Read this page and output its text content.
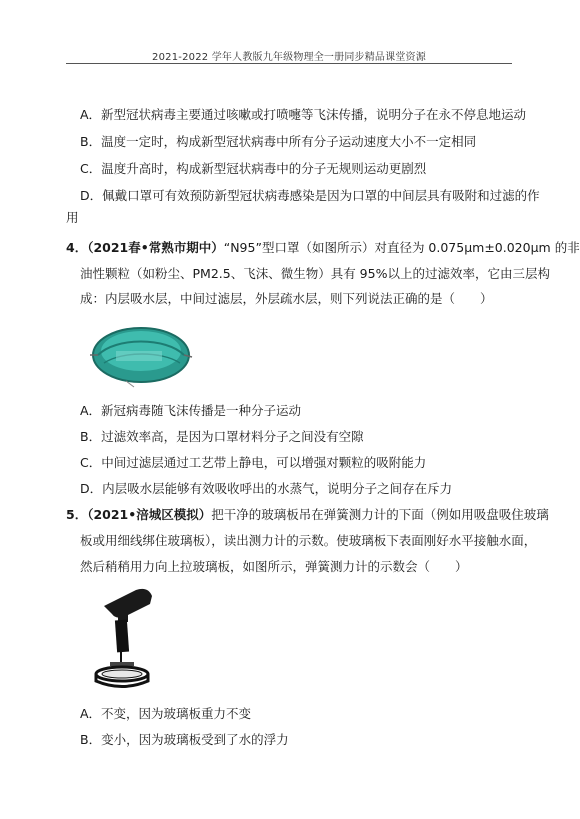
2021-2022 学年人教版九年级物理全一册同步精品课堂资源
A．新型冠状病毒主要通过咳嗽或打喷嚏等飞沫传播，说明分子在永不停息地运动
B．温度一定时，构成新型冠状病毒中所有分子运动速度大小不一定相同
C．温度升高时，构成新型冠状病毒中的分子无规则运动更剧烈
D．佩戴口罩可有效预防新型冠状病毒感染是因为口罩的中间层具有吸附和过滤的作
用
4．（2021春•常熟市期中）“N95”型口罩（如图所示）对直径为 0.075μm±0.020μm 的非
油性颗粒（如粉尘、PM2.5、飞沫、微生物）具有 95%以上的过滤效率，它由三层构
成：内层吸水层，中间过滤层，外层疏水层，则下列说法正确的是（　　）
A．新冠病毒随飞沫传播是一种分子运动
B．过滤效率高，是因为口罩材料分子之间没有空隙
C．中间过滤层通过工艺带上静电，可以增强对颗粒的吸附能力
D．内层吸水层能够有效吸收呼出的水蒸气，说明分子之间存在斥力
5．（2021•涪城区模拟）把干净的玻璃板吊在弹簧测力计的下面（例如用吸盘吸住玻璃
板或用细线绑住玻璃板），读出测力计的示数。使玻璃板下表面刚好水平接触水面，
然后稍稍用力向上拉玻璃板，如图所示，弹簧测力计的示数会（　　）
A．不变，因为玻璃板重力不变
B．变小，因为玻璃板受到了水的浮力
